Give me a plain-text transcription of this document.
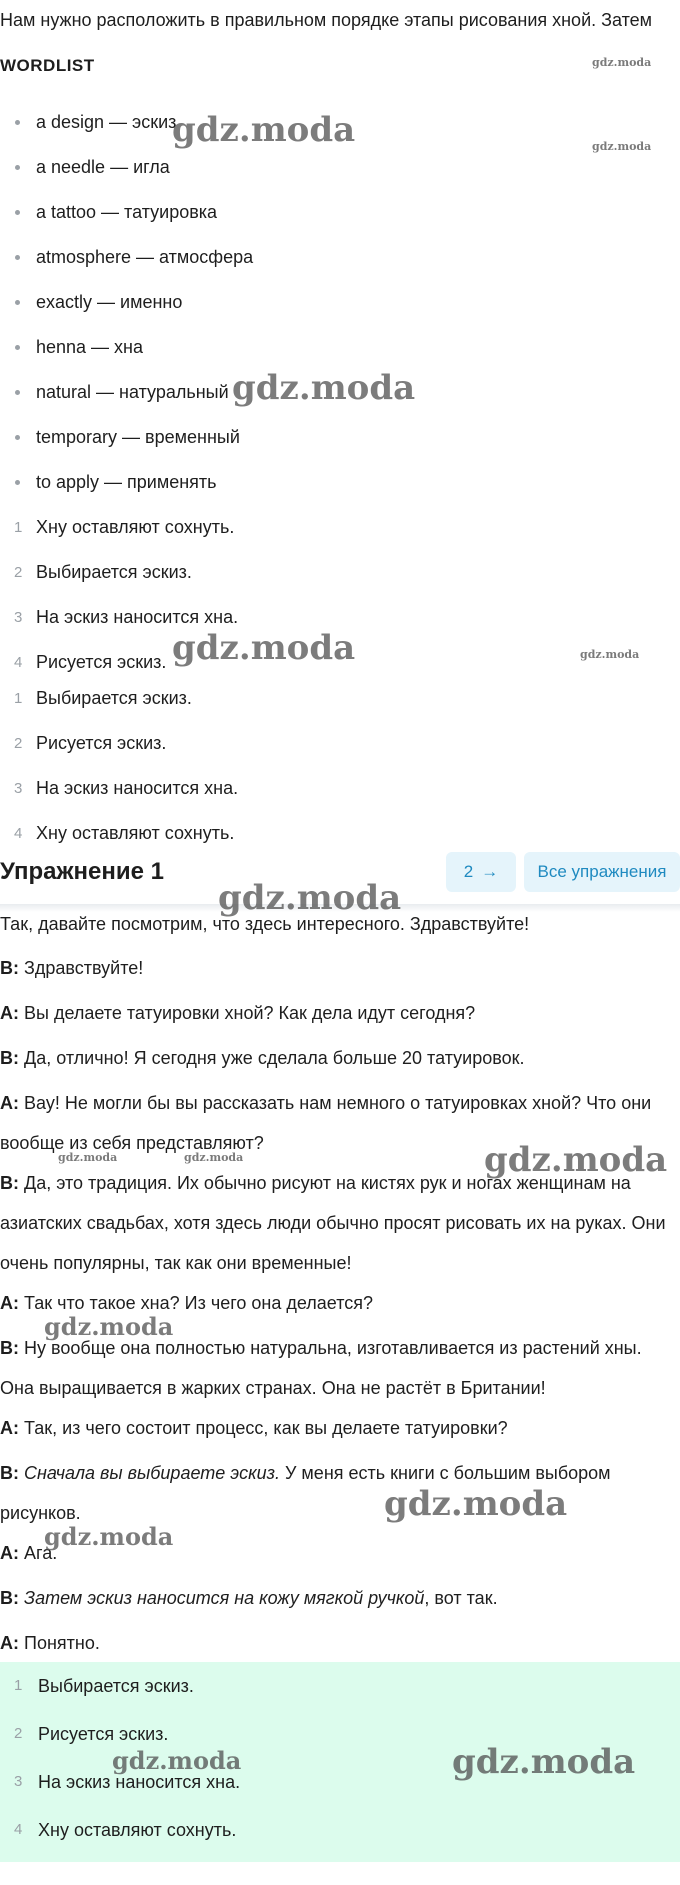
Нам нужно расположить в правильном порядке этапы рисования хной. Затем
WORDLIST
a design — эскиз
a needle — игла
a tattoo — татуировка
atmosphere — атмосфера
exactly — именно
henna — хна
natural — натуральный
temporary — временный
to apply — применять
1 Хну оставляют сохнуть.
2 Выбирается эскиз.
3 На эскиз наносится хна.
4 Рисуется эскиз.
1 Выбирается эскиз.
2 Рисуется эскиз.
3 На эскиз наносится хна.
4 Хну оставляют сохнуть.
Упражнение 1	2 →	Все упражнения
Так, давайте посмотрим, что здесь интересного. Здравствуйте!
B: Здравствуйте!
A: Вы делаете татуировки хной? Как дела идут сегодня?
B: Да, отлично! Я сегодня уже сделала больше 20 татуировок.
A: Вау! Не могли бы вы рассказать нам немного о татуировках хной? Что они
вообще из себя представляют?
B: Да, это традиция. Их обычно рисуют на кистях рук и ногах женщинам на
азиатских свадьбах, хотя здесь люди обычно просят рисовать их на руках. Они
очень популярны, так как они временные!
A: Так что такое хна? Из чего она делается?
B: Ну вообще она полностью натуральна, изготавливается из растений хны.
Она выращивается в жарких странах. Она не растёт в Британии!
A: Так, из чего состоит процесс, как вы делаете татуировки?
B: Сначала вы выбираете эскиз. У меня есть книги с большим выбором
рисунков.
A: Ага.
B: Затем эскиз наносится на кожу мягкой ручкой, вот так.
A: Понятно.
1 Выбирается эскиз.
2 Рисуется эскиз.
3 На эскиз наносится хна.
4 Хну оставляют сохнуть.
gdz.moda
gdz.moda	gdz.moda
gdz.moda
gdz.moda	gdz.moda
gdz.moda
gdz.moda	gdz.moda	gdz.moda
gdz.moda
gdz.moda
gdz.moda
gdz.moda	gdz.moda
